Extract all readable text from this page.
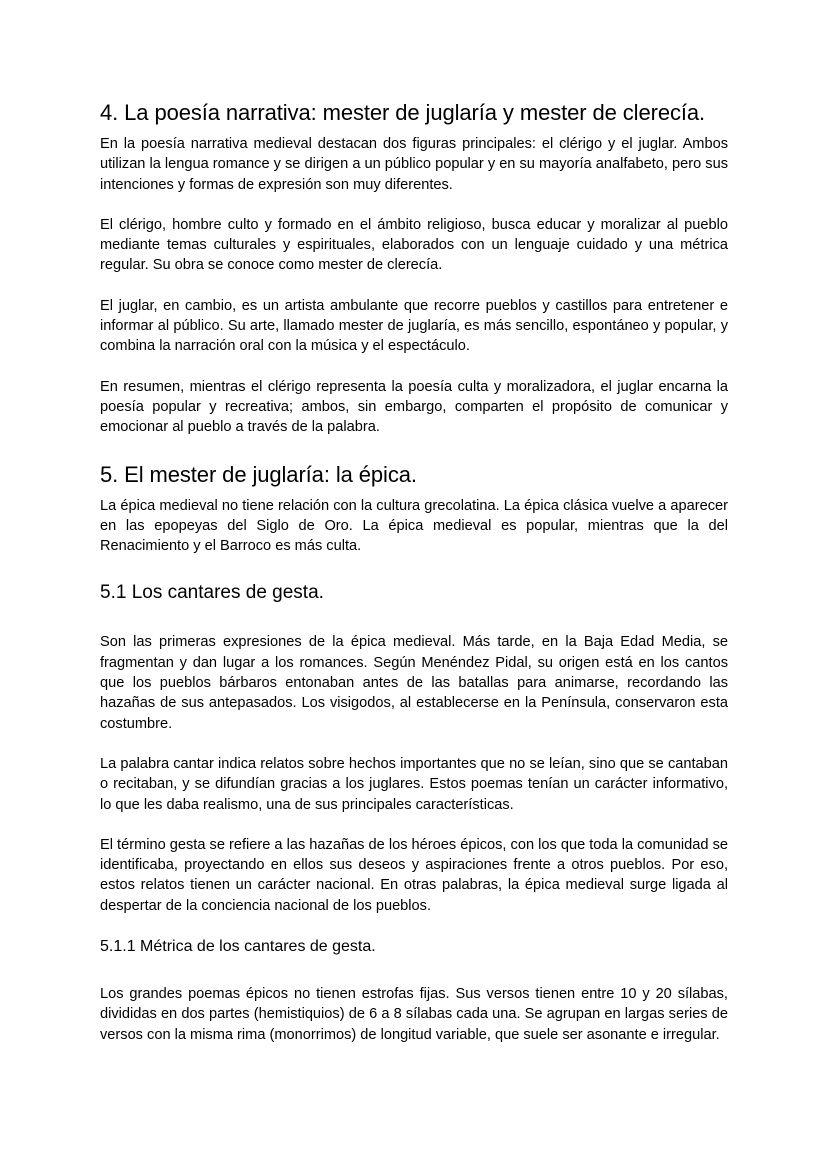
4. La poesía narrativa: mester de juglaría y mester de clerecía.

En la poesía narrativa medieval destacan dos figuras principales: el clérigo y el juglar. Ambos utilizan la lengua romance y se dirigen a un público popular y en su mayoría analfabeto, pero sus intenciones y formas de expresión son muy diferentes.

El clérigo, hombre culto y formado en el ámbito religioso, busca educar y moralizar al pueblo mediante temas culturales y espirituales, elaborados con un lenguaje cuidado y una métrica regular. Su obra se conoce como mester de clerecía.

El juglar, en cambio, es un artista ambulante que recorre pueblos y castillos para entretener e informar al público. Su arte, llamado mester de juglaría, es más sencillo, espontáneo y popular, y combina la narración oral con la música y el espectáculo.

En resumen, mientras el clérigo representa la poesía culta y moralizadora, el juglar encarna la poesía popular y recreativa; ambos, sin embargo, comparten el propósito de comunicar y emocionar al pueblo a través de la palabra.

5. El mester de juglaría: la épica.

La épica medieval no tiene relación con la cultura grecolatina. La épica clásica vuelve a aparecer en las epopeyas del Siglo de Oro. La épica medieval es popular, mientras que la del Renacimiento y el Barroco es más culta.

5.1 Los cantares de gesta.

Son las primeras expresiones de la épica medieval. Más tarde, en la Baja Edad Media, se fragmentan y dan lugar a los romances. Según Menéndez Pidal, su origen está en los cantos que los pueblos bárbaros entonaban antes de las batallas para animarse, recordando las hazañas de sus antepasados. Los visigodos, al establecerse en la Península, conservaron esta costumbre.

La palabra cantar indica relatos sobre hechos importantes que no se leían, sino que se cantaban o recitaban, y se difundían gracias a los juglares. Estos poemas tenían un carácter informativo, lo que les daba realismo, una de sus principales características.

El término gesta se refiere a las hazañas de los héroes épicos, con los que toda la comunidad se identificaba, proyectando en ellos sus deseos y aspiraciones frente a otros pueblos. Por eso, estos relatos tienen un carácter nacional. En otras palabras, la épica medieval surge ligada al despertar de la conciencia nacional de los pueblos.

5.1.1 Métrica de los cantares de gesta.

Los grandes poemas épicos no tienen estrofas fijas. Sus versos tienen entre 10 y 20 sílabas, divididas en dos partes (hemistiquios) de 6 a 8 sílabas cada una. Se agrupan en largas series de versos con la misma rima (monorrimos) de longitud variable, que suele ser asonante e irregular.
